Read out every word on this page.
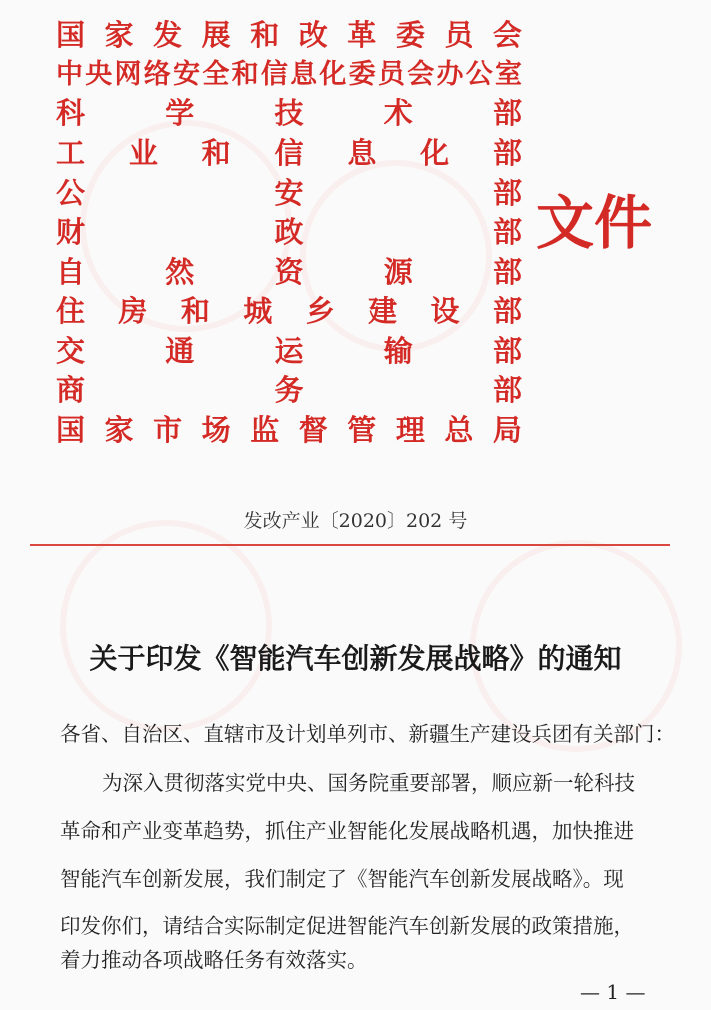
国 家 发 展 和 改 革 委 员 会
中 央 网 络 安 全 和 信 息 化 委 员 会 办 公 室
科	学	技	术	部
工 业 和 信 息 化 部
公	安	部
财	政	部
自	然	资	源	部
住 房 和 城 乡 建 设 部
交	通	运	输	部
商	务	部
国 家 市 场 监 督 管 理 总 局
文件
发改产业〔2020〕202 号
关于印发《智能汽车创新发展战略》的通知
各省、自治区、直辖市及计划单列市、新疆生产建设兵团有关部门：
为深入贯彻落实党中央、国务院重要部署，顺应新一轮科技
革命和产业变革趋势，抓住产业智能化发展战略机遇，加快推进
智能汽车创新发展，我们制定了《智能汽车创新发展战略》。现
印发你们，请结合实际制定促进智能汽车创新发展的政策措施，
着力推动各项战略任务有效落实。
— 1 —
